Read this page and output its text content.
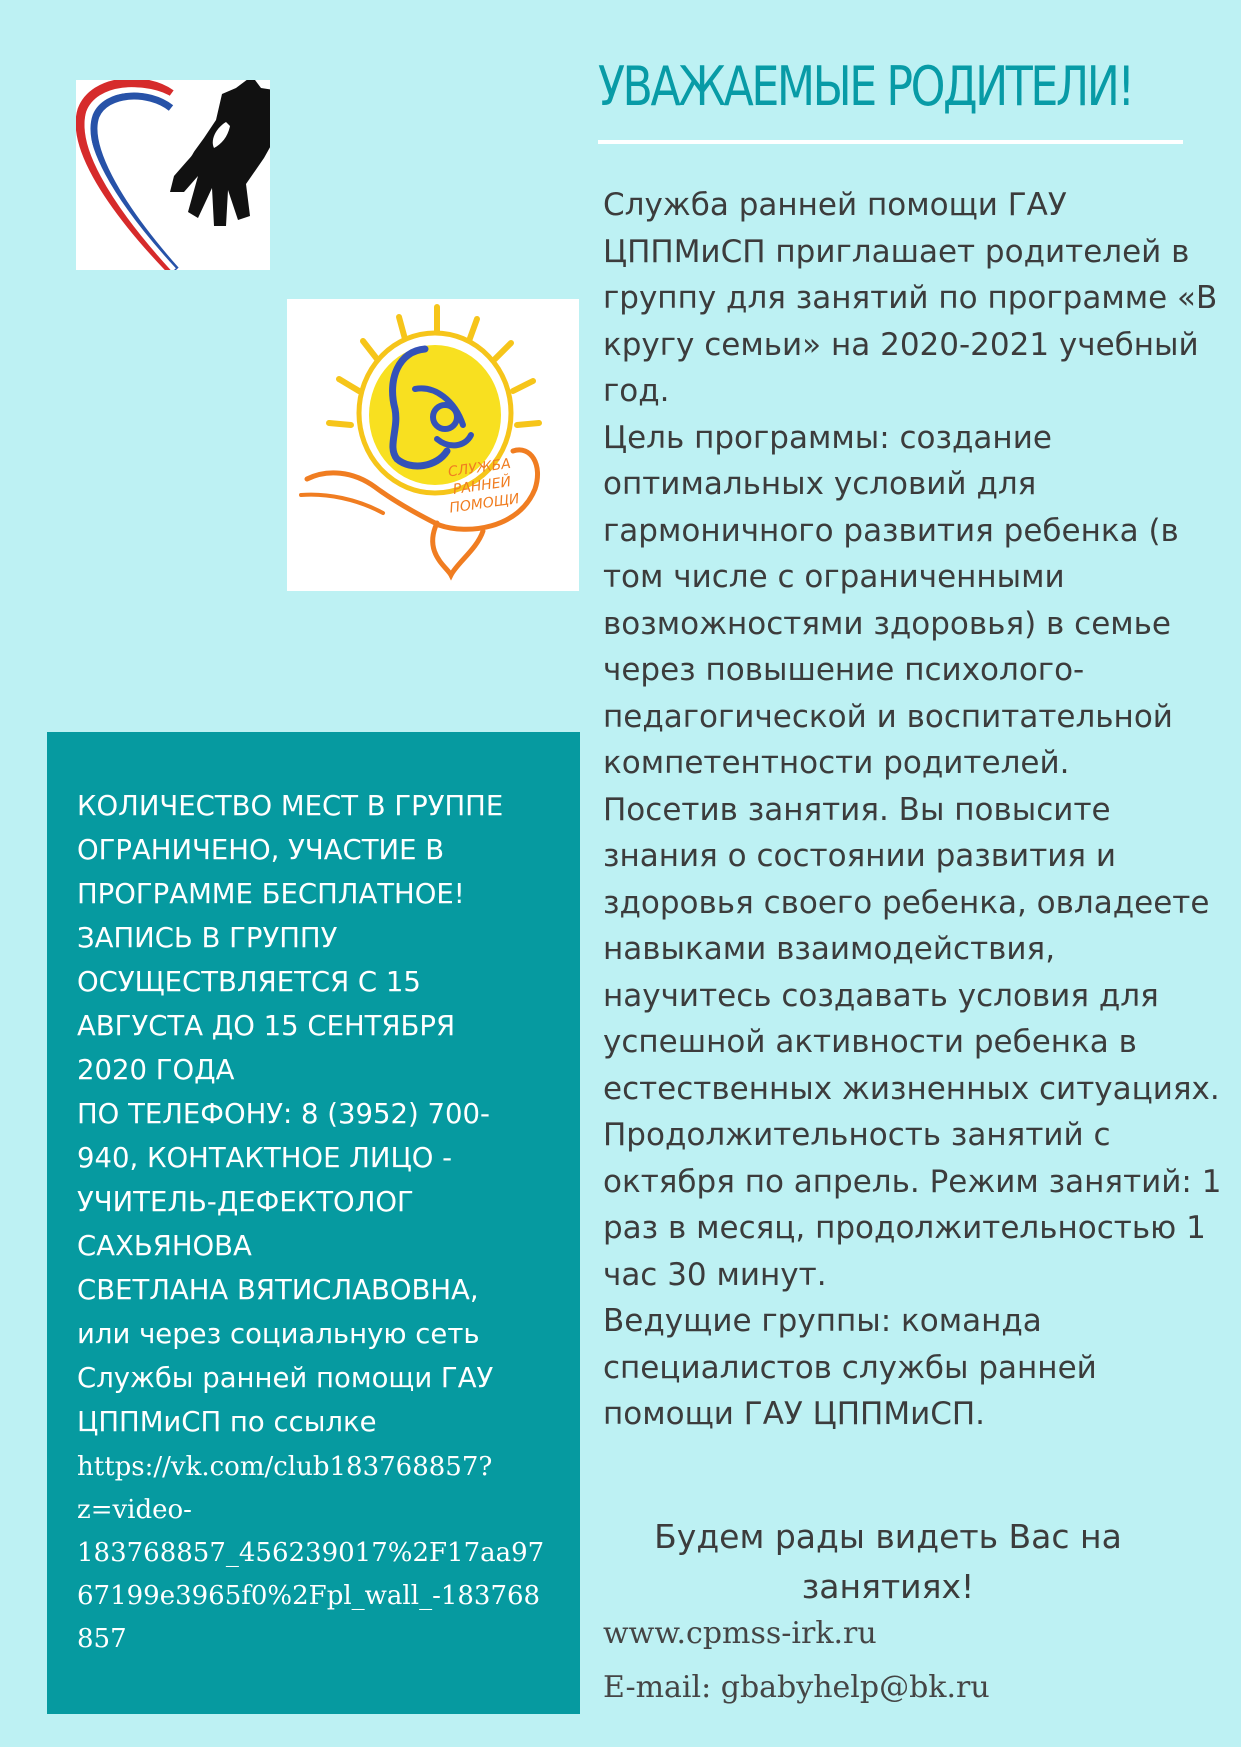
СЛУЖБА
РАННЕЙ
ПОМОЩИ
УВАЖАЕМЫЕ РОДИТЕЛИ!

Служба ранней помощи ГАУ ЦППМиСП приглашает родителей в группу для занятий по программе «В кругу семьи» на 2020-2021 учебный год.

Цель программы: создание оптимальных условий для гармоничного развития ребенка (в том числе с ограниченными возможностями здоровья) в семье через повышение психолого-педагогической и воспитательной компетентности родителей.

Посетив занятия. Вы повысите знания о состоянии развития и здоровья своего ребенка, овладеете навыками взаимодействия, научитесь создавать условия для успешной активности ребенка в естественных жизненных ситуациях.

Продолжительность занятий с октября по апрель. Режим занятий: 1 раз в месяц, продолжительностью 1 час 30 минут.

Ведущие группы: команда специалистов службы ранней помощи ГАУ ЦППМиСП.

Будем рады видеть Вас на занятиях!
www.cpmss-irk.ru
E-mail: gbabyhelp@bk.ru
КОЛИЧЕСТВО МЕСТ В ГРУППЕ
ОГРАНИЧЕНО, УЧАСТИЕ В
ПРОГРАММЕ БЕСПЛАТНОЕ!
ЗАПИСЬ В ГРУППУ
ОСУЩЕСТВЛЯЕТСЯ С 15
АВГУСТА ДО 15 СЕНТЯБРЯ
2020 ГОДА
ПО ТЕЛЕФОНУ: 8 (3952) 700-
940, КОНТАКТНОЕ ЛИЦО -
УЧИТЕЛЬ-ДЕФЕКТОЛОГ
САХЬЯНОВА
СВЕТЛАНА ВЯТИСЛАВОВНА,
или через социальную сеть
Службы ранней помощи ГАУ
ЦППМиСП по ссылке
https://vk.com/club183768857?
z=video-
183768857_456239017%2F17aa97
67199e3965f0%2Fpl_wall_-183768
857
